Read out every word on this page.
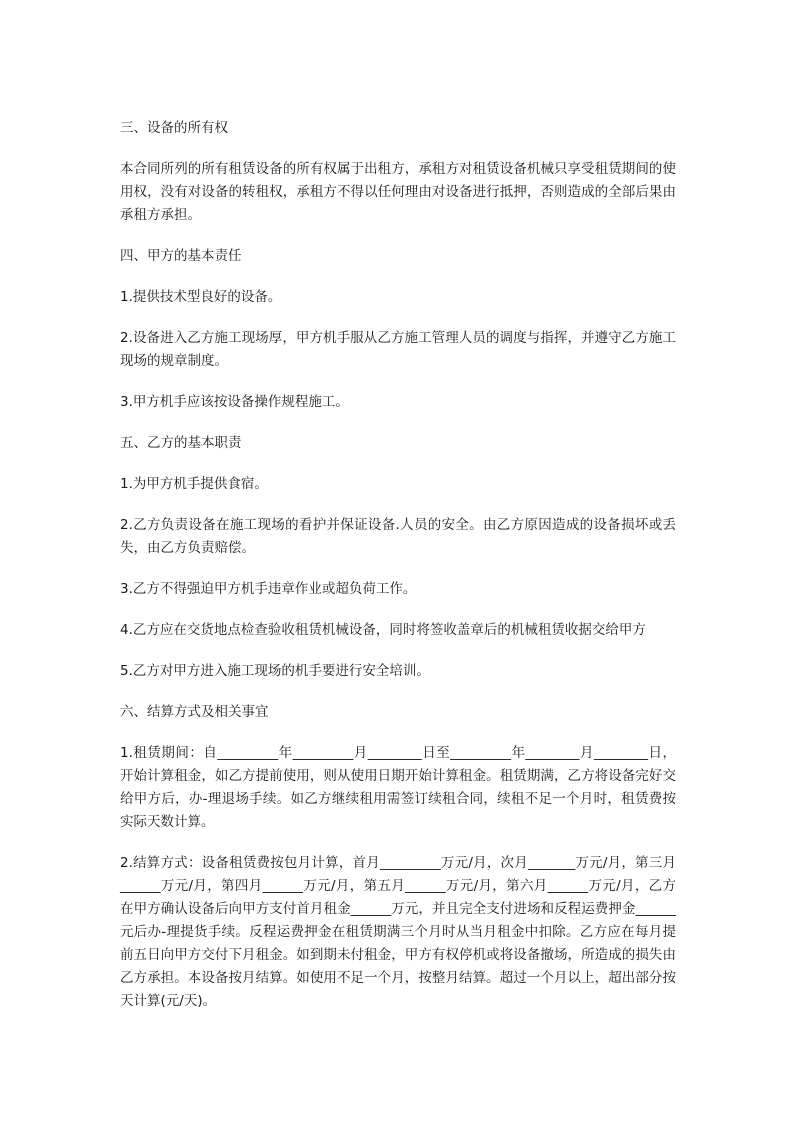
三、设备的所有权

本合同所列的所有租赁设备的所有权属于出租方，承租方对租赁设备机械只享受租赁期间的使用权，没有对设备的转租权，承租方不得以任何理由对设备进行抵押，否则造成的全部后果由承租方承担。

四、甲方的基本责任

1.提供技术型良好的设备。

2.设备进入乙方施工现场厚，甲方机手服从乙方施工管理人员的调度与指挥，并遵守乙方施工现场的规章制度。

3.甲方机手应该按设备操作规程施工。

五、乙方的基本职责

1.为甲方机手提供食宿。

2.乙方负责设备在施工现场的看护并保证设备.人员的安全。由乙方原因造成的设备损坏或丢失，由乙方负责赔偿。

3.乙方不得强迫甲方机手违章作业或超负荷工作。

4.乙方应在交货地点检查验收租赁机械设备，同时将签收盖章后的机械租赁收据交给甲方

5.乙方对甲方进入施工现场的机手要进行安全培训。

六、结算方式及相关事宜

1.租赁期间：自_________年_________月________日至_________年________月________日，开始计算租金，如乙方提前使用，则从使用日期开始计算租金。租赁期满，乙方将设备完好交给甲方后，办-理退场手续。如乙方继续租用需签订续租合同，续租不足一个月时，租赁费按实际天数计算。

2.结算方式：设备租赁费按包月计算，首月_________万元/月，次月_______万元/月，第三月______万元/月，第四月______万元/月，第五月______万元/月，第六月______万元/月，乙方在甲方确认设备后向甲方支付首月租金______万元，并且完全支付进场和反程运费押金______元后办-理提货手续。反程运费押金在租赁期满三个月时从当月租金中扣除。乙方应在每月提前五日向甲方交付下月租金。如到期未付租金，甲方有权停机或将设备撤场，所造成的损失由乙方承担。本设备按月结算。如使用不足一个月，按整月结算。超过一个月以上，超出部分按天计算(元/天)。
